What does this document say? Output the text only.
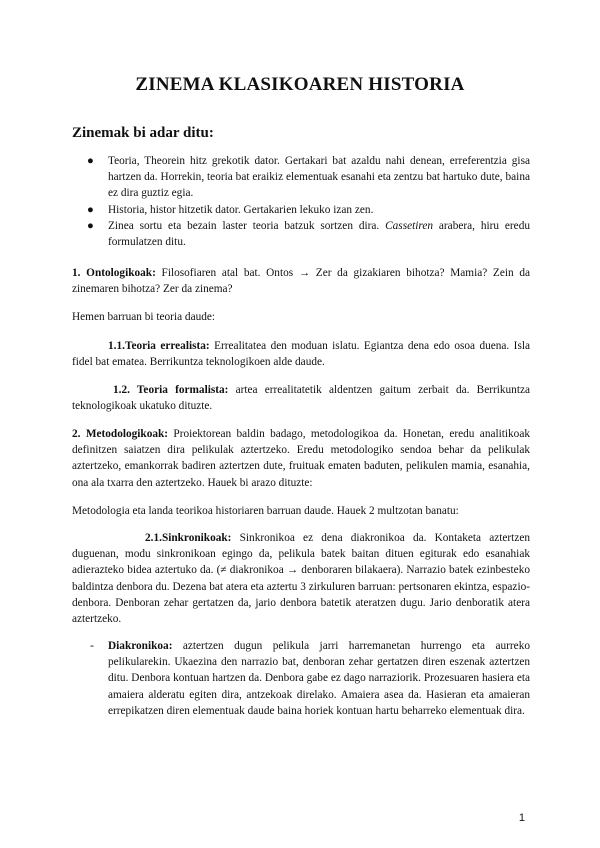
ZINEMA KLASIKOAREN HISTORIA
Zinemak bi adar ditu:
● Teoria, Theorein hitz grekotik dator. Gertakari bat azaldu nahi denean, erreferentzia gisa hartzen da. Horrekin, teoria bat eraikiz elementuak esanahi eta zentzu bat hartuko dute, baina ez dira guztiz egia.
● Historia, histor hitzetik dator. Gertakarien lekuko izan zen.
● Zinea sortu eta bezain laster teoria batzuk sortzen dira. Cassetiren arabera, hiru eredu formulatzen ditu.

1. Ontologikoak: Filosofiaren atal bat. Ontos → Zer da gizakiaren bihotza? Mamia? Zein da zinemaren bihotza? Zer da zinema?

Hemen barruan bi teoria daude:

1.1.Teoria errealista: Errealitatea den moduan islatu. Egiantza dena edo osoa duena. Isla fidel bat ematea. Berrikuntza teknologikoen alde daude.

1.2. Teoria formalista: artea errealitatetik aldentzen gaitum zerbait da. Berrikuntza teknologikoak ukatuko dituzte.

2. Metodologikoak: Proiektorean baldin badago, metodologikoa da. Honetan, eredu analitikoak definitzen saiatzen dira pelikulak aztertzeko. Eredu metodologiko sendoa behar da pelikulak aztertzeko, emankorrak badiren aztertzen dute, fruituak ematen baduten, pelikulen mamia, esanahia, ona ala txarra den aztertzeko. Hauek bi arazo dituzte:

Metodologia eta landa teorikoa historiaren barruan daude. Hauek 2 multzotan banatu:

2.1.Sinkronikoak: Sinkronikoa ez dena diakronikoa da. Kontaketa aztertzen duguenan, modu sinkronikoan egingo da, pelikula batek baitan dituen egiturak edo esanahiak adierazteko bidea aztertuko da. (≠ diakronikoa → denboraren bilakaera). Narrazio batek ezinbesteko baldintza denbora du. Dezena bat atera eta aztertu 3 zirkuluren barruan: pertsonaren ekintza, espazio-denbora. Denboran zehar gertatzen da, jario denbora batetik ateratzen dugu. Jario denboratik atera aztertzeko.

- Diakronikoa: aztertzen dugun pelikula jarri harremanetan hurrengo eta aurreko pelikularekin. Ukaezina den narrazio bat, denboran zehar gertatzen diren eszenak aztertzen ditu. Denbora kontuan hartzen da. Denbora gabe ez dago narraziorik. Prozesuaren hasiera eta amaiera alderatu egiten dira, antzekoak direlako. Amaiera asea da. Hasieran eta amaieran errepikatzen diren elementuak daude baina horiek kontuan hartu beharreko elementuak dira.

1
